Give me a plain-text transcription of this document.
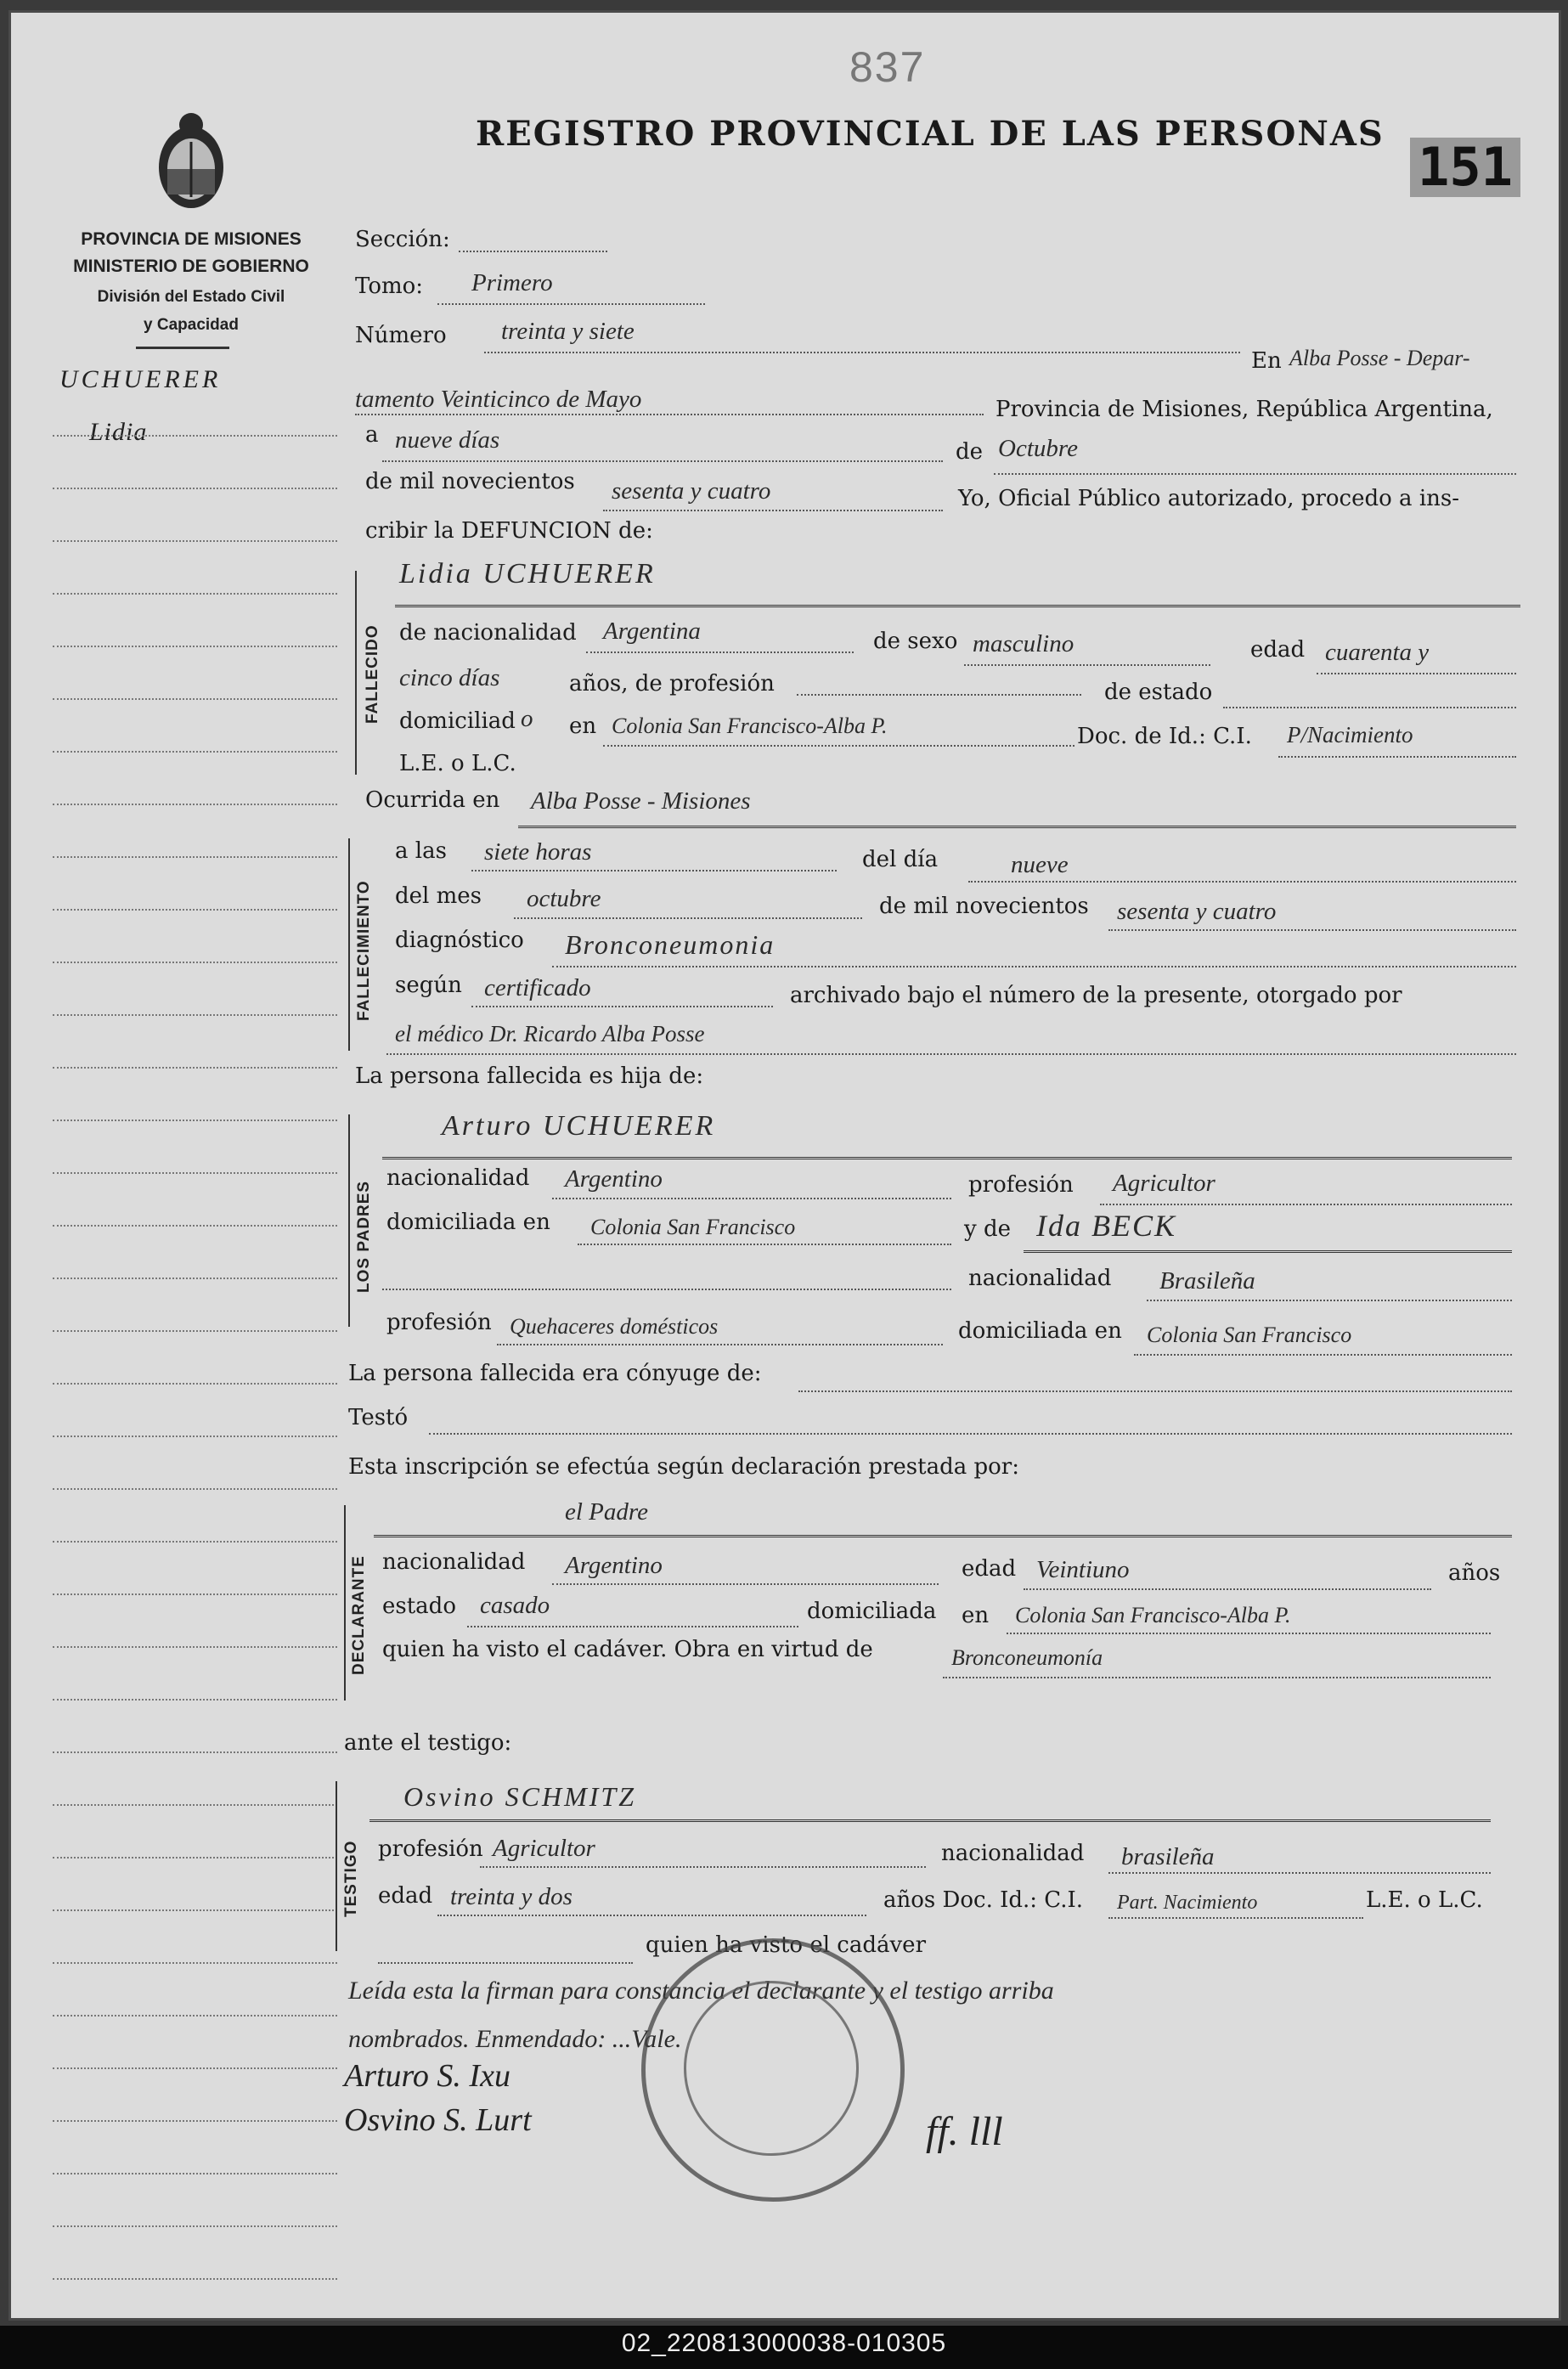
837
REGISTRO PROVINCIAL DE LAS PERSONAS
151
PROVINCIA DE MISIONES
MINISTERIO DE GOBIERNO
División del Estado Civil
y Capacidad
UCHUERER
Lidia
Sección:
Tomo: Primero
Número treinta y siete
En Alba Posse - Depar-
tamento Veinticinco de Mayo	Provincia de Misiones, República Argentina,
a nueve días	de Octubre
de mil novecientos sesenta y cuatro	Yo, Oficial Público autorizado, procedo a ins-
cribir la DEFUNCION de:
FALLECIDO
Lidia UCHUERER
de nacionalidad Argentina	de sexo masculino	edad cuarenta y
cinco días	años, de profesión	de estado
domiciliad o en Colonia San Francisco-Alba P.	Doc. de Id.: C.I. P/Nacimiento
L.E. o L.C.
Ocurrida en Alba Posse - Misiones
FALLECIMIENTO
a las siete horas	del día	nueve
del mes octubre	de mil novecientos sesenta y cuatro
diagnóstico Bronconeumonia
según certificado	archivado bajo el número de la presente, otorgado por
el médico Dr. Ricardo Alba Posse
La persona fallecida es hija de:
LOS PADRES
Arturo UCHUERER
nacionalidad Argentino	profesión Agricultor
domiciliada en Colonia San Francisco	y de Ida BECK
nacionalidad Brasileña
profesión Quehaceres domésticos	domiciliada en Colonia San Francisco
La persona fallecida era cónyuge de:
Testó
Esta inscripción se efectúa según declaración prestada por:
DECLARANTE
el Padre
nacionalidad Argentino	edad Veintiuno	años
estado casado	domiciliada en Colonia San Francisco-Alba P.
quien ha visto el cadáver. Obra en virtud de	Bronconeumonía
ante el testigo:
TESTIGO
Osvino SCHMITZ
profesión Agricultor	nacionalidad brasileña
edad treinta y dos	años Doc. Id.: C.I. Part. Nacimiento	L.E. o L.C.
quien ha visto el cadáver
Leída esta la firman para constancia el declarante y el testigo arriba
nombrados. Enmendado: ...Vale.
Arturo S. Ixu
Osvino S. Lurt	ff. lll
02_220813000038-010305
